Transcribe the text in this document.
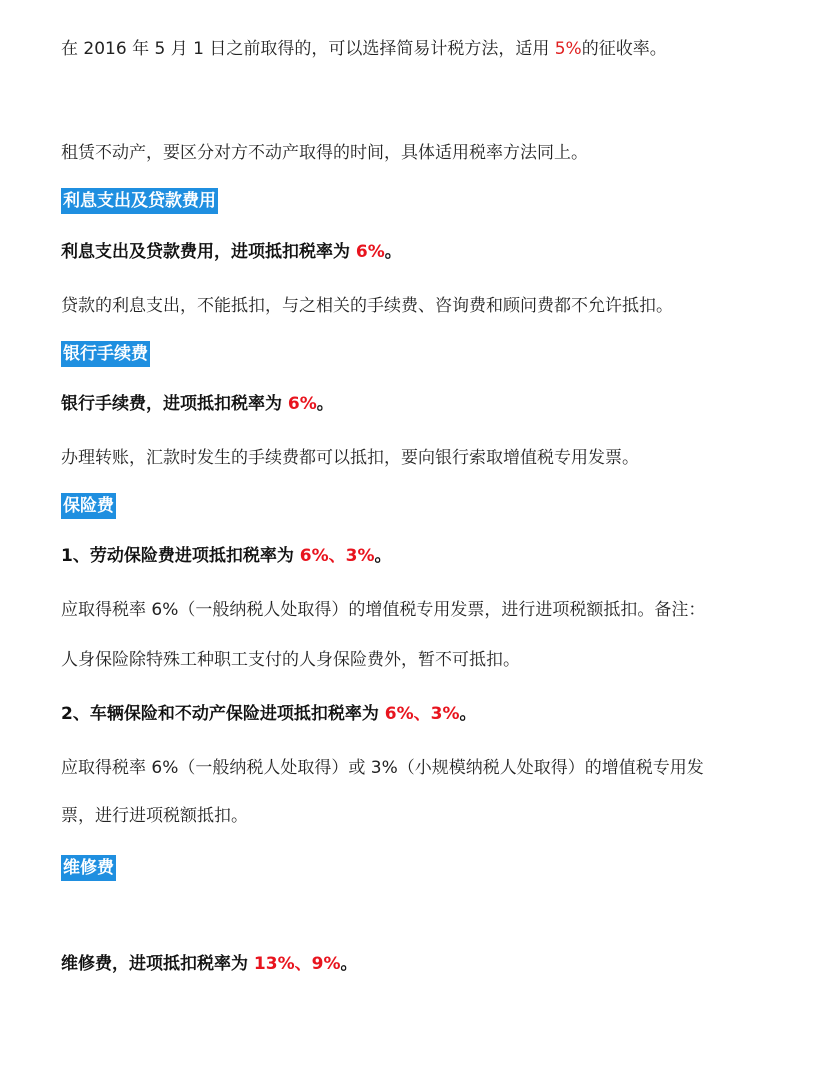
在 2016 年 5 月 1 日之前取得的，可以选择简易计税方法，适用 5%的征收率。
租赁不动产，要区分对方不动产取得的时间，具体适用税率方法同上。
利息支出及贷款费用
利息支出及贷款费用，进项抵扣税率为 6%。
贷款的利息支出，不能抵扣，与之相关的手续费、咨询费和顾问费都不允许抵扣。
银行手续费
银行手续费，进项抵扣税率为 6%。
办理转账，汇款时发生的手续费都可以抵扣，要向银行索取增值税专用发票。
保险费
1、劳动保险费进项抵扣税率为 6%、3%。
应取得税率 6%（一般纳税人处取得）的增值税专用发票，进行进项税额抵扣。备注：
人身保险除特殊工种职工支付的人身保险费外，暂不可抵扣。
2、车辆保险和不动产保险进项抵扣税率为 6%、3%。
应取得税率 6%（一般纳税人处取得）或 3%（小规模纳税人处取得）的增值税专用发
票，进行进项税额抵扣。
维修费
维修费，进项抵扣税率为 13%、9%。
